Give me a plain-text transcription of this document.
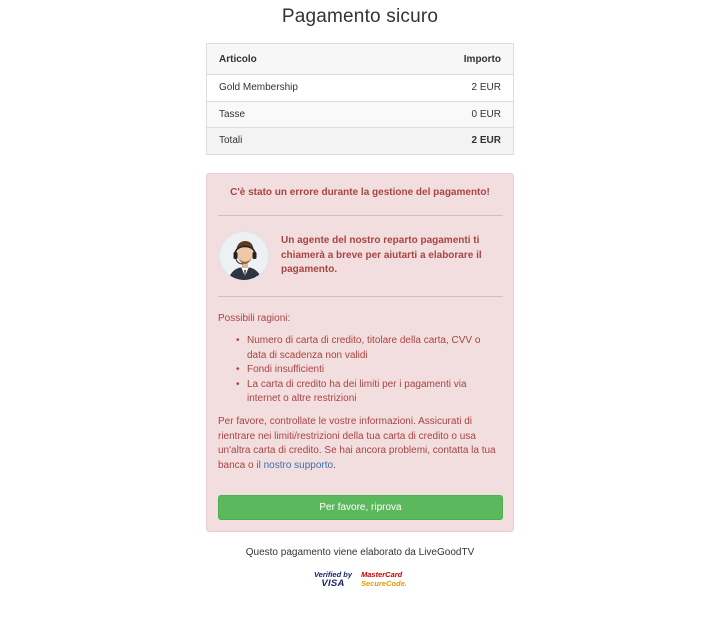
Pagamento sicuro
Articolo	Importo
Gold Membership	2 EUR
Tasse	0 EUR
Totali	2 EUR
C'è stato un errore durante la gestione del pagamento!
Un agente del nostro reparto pagamenti ti chiamerà a breve per aiutarti a elaborare il pagamento.
Possibili ragioni:
• Numero di carta di credito, titolare della carta, CVV o data di scadenza non validi
• Fondi insufficienti
• La carta di credito ha dei limiti per i pagamenti via internet o altre restrizioni

Per favore, controllate le vostre informazioni. Assicurati di rientrare nei limiti/restrizioni della tua carta di credito o usa un'altra carta di credito. Se hai ancora problemi, contatta la tua banca o il nostro supporto.

Per favore, riprova
Questo pagamento viene elaborato da LiveGoodTV
Verified by
VISA
MasterCard
SecureCode.
